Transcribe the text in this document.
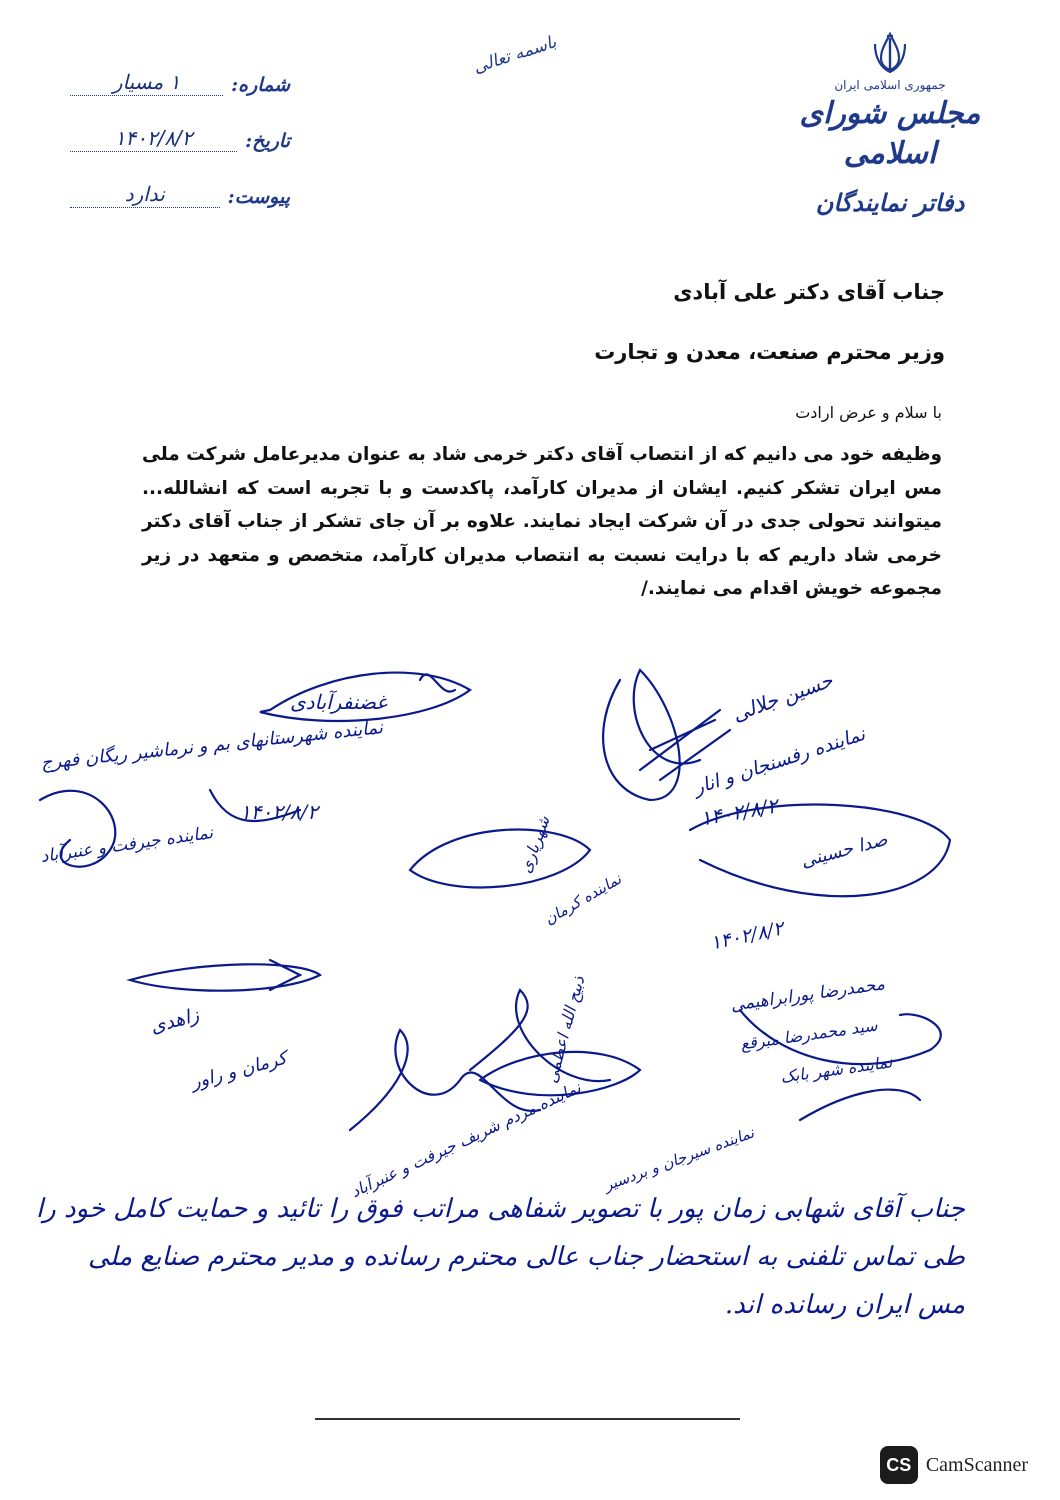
شماره:
۱ مسیار
تاریخ:
۱۴۰۲/۸/۲
پیوست:
ندارد
باسمه تعالی
جمهوری اسلامی ایران
مجلس شورای
اسلامی
دفاتر نمایندگان
جناب آقای دکتر علی آبادی
وزیر محترم صنعت، معدن و تجارت
با سلام و عرض ارادت
وظیفه خود می دانیم که از انتصاب آقای دکتر خرمی شاد به عنوان مدیرعامل شرکت ملی مس ایران تشکر کنیم. ایشان از مدیران کارآمد، پاکدست و با تجربه است که انشالله... میتوانند تحولی جدی در آن شرکت ایجاد نمایند. علاوه بر آن جای تشکر از جناب آقای دکتر خرمی شاد داریم که با درایت نسبت به انتصاب مدیران کارآمد، متخصص و متعهد در زیر مجموعه خویش اقدام می نمایند./
غضنفرآبادی
نماینده شهرستانهای بم و نرماشیر ریگان فهرج
۱۴۰۲/۸/۲
حسین جلالی
نماینده رفسنجان و انار
۱۴۰۲/۸/۲
نماینده جیرفت و عنبرآباد	شهریاری
نماینده کرمان
صدا حسینی
۱۴۰۲/۸/۲
زاهدی
کرمان و راور
محمدرضا پورابراهیمی
ذبیح الله اعظمی
نماینده مردم شریف جیرفت و عنبرآباد نماینده سیرجان و بردسیر
سید محمدرضا مبرقع
نماینده شهر بابک
جناب آقای شهابی زمان پور با تصویر شفاهی مراتب فوق را تائید و حمایت کامل خود را طی تماس تلفنی به استحضار جناب عالی محترم رسانده و مدیر محترم صنایع ملی مس ایران رسانده اند.
CS CamScanner
